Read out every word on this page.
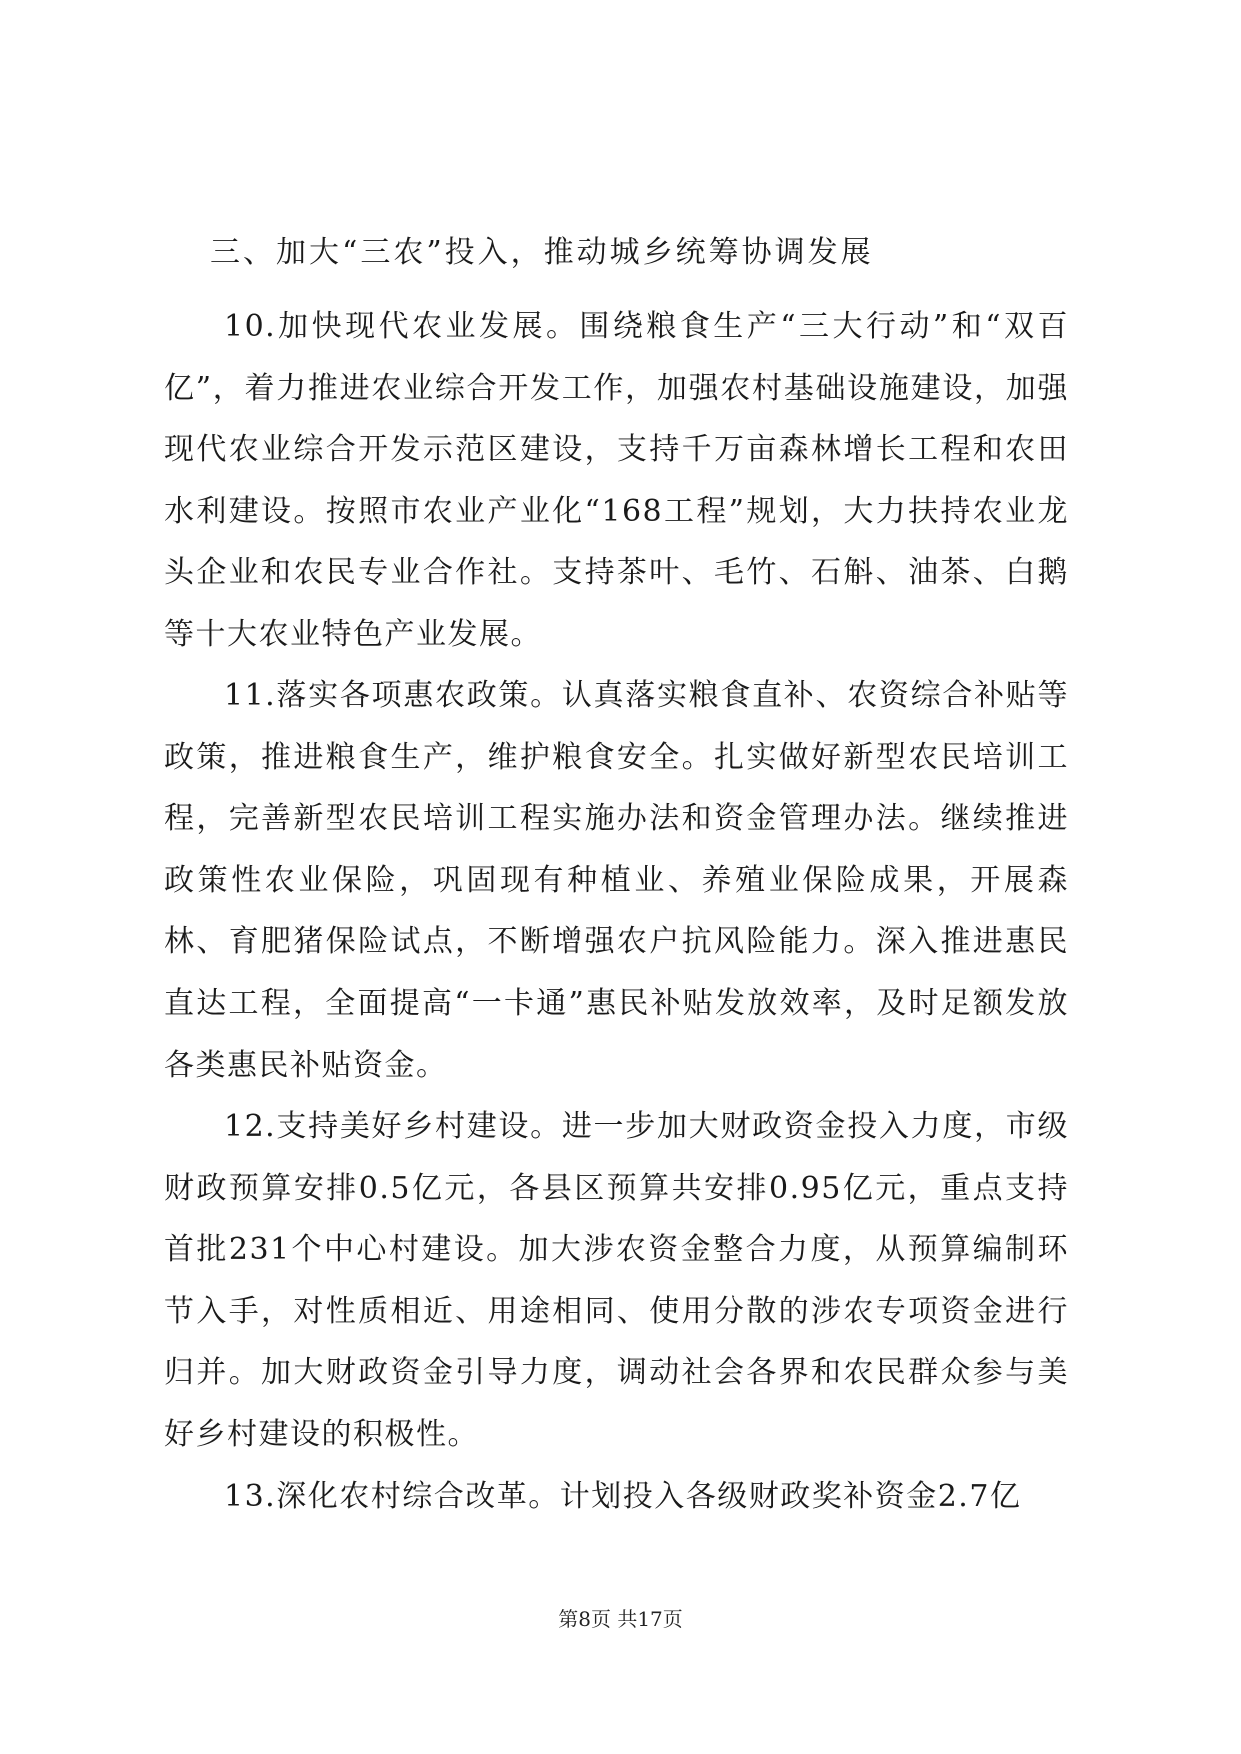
三、加大“三农”投入，推动城乡统筹协调发展

10.加快现代农业发展。围绕粮食生产“三大行动”和“双百亿”，着力推进农业综合开发工作，加强农村基础设施建设，加强现代农业综合开发示范区建设，支持千万亩森林增长工程和农田水利建设。按照市农业产业化“168工程”规划，大力扶持农业龙头企业和农民专业合作社。支持茶叶、毛竹、石斛、油茶、白鹅等十大农业特色产业发展。

11.落实各项惠农政策。认真落实粮食直补、农资综合补贴等政策，推进粮食生产，维护粮食安全。扎实做好新型农民培训工程，完善新型农民培训工程实施办法和资金管理办法。继续推进政策性农业保险，巩固现有种植业、养殖业保险成果，开展森林、育肥猪保险试点，不断增强农户抗风险能力。深入推进惠民直达工程，全面提高“一卡通”惠民补贴发放效率，及时足额发放各类惠民补贴资金。

12.支持美好乡村建设。进一步加大财政资金投入力度，市级财政预算安排0.5亿元，各县区预算共安排0.95亿元，重点支持首批231个中心村建设。加大涉农资金整合力度，从预算编制环节入手，对性质相近、用途相同、使用分散的涉农专项资金进行归并。加大财政资金引导力度，调动社会各界和农民群众参与美好乡村建设的积极性。

13.深化农村综合改革。计划投入各级财政奖补资金2.7亿

第8页 共17页
